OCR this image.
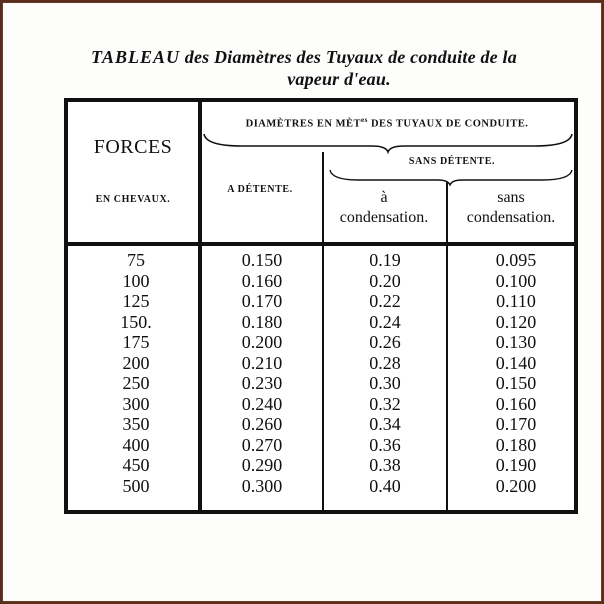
TABLEAU des Diamètres des Tuyaux de conduite de la
vapeur d'eau.
FORCES
EN CHEVAUX.
DIAMÈTRES EN $MÈT^{es}$ DES TUYAUX DE CONDUITE.
A DÉTENTE.
SANS DÉTENTE.
à
condensation.
sans
condensation.
75
100
125
150.
175
200
250
300
350
400
450
500
0.150
0.160
0.170
0.180
0.200
0.210
0.230
0.240
0.260
0.270
0.290
0.300
0.19
0.20
0.22
0.24
0.26
0.28
0.30
0.32
0.34
0.36
0.38
0.40
0.095
0.100
0.110
0.120
0.130
0.140
0.150
0.160
0.170
0.180
0.190
0.200
